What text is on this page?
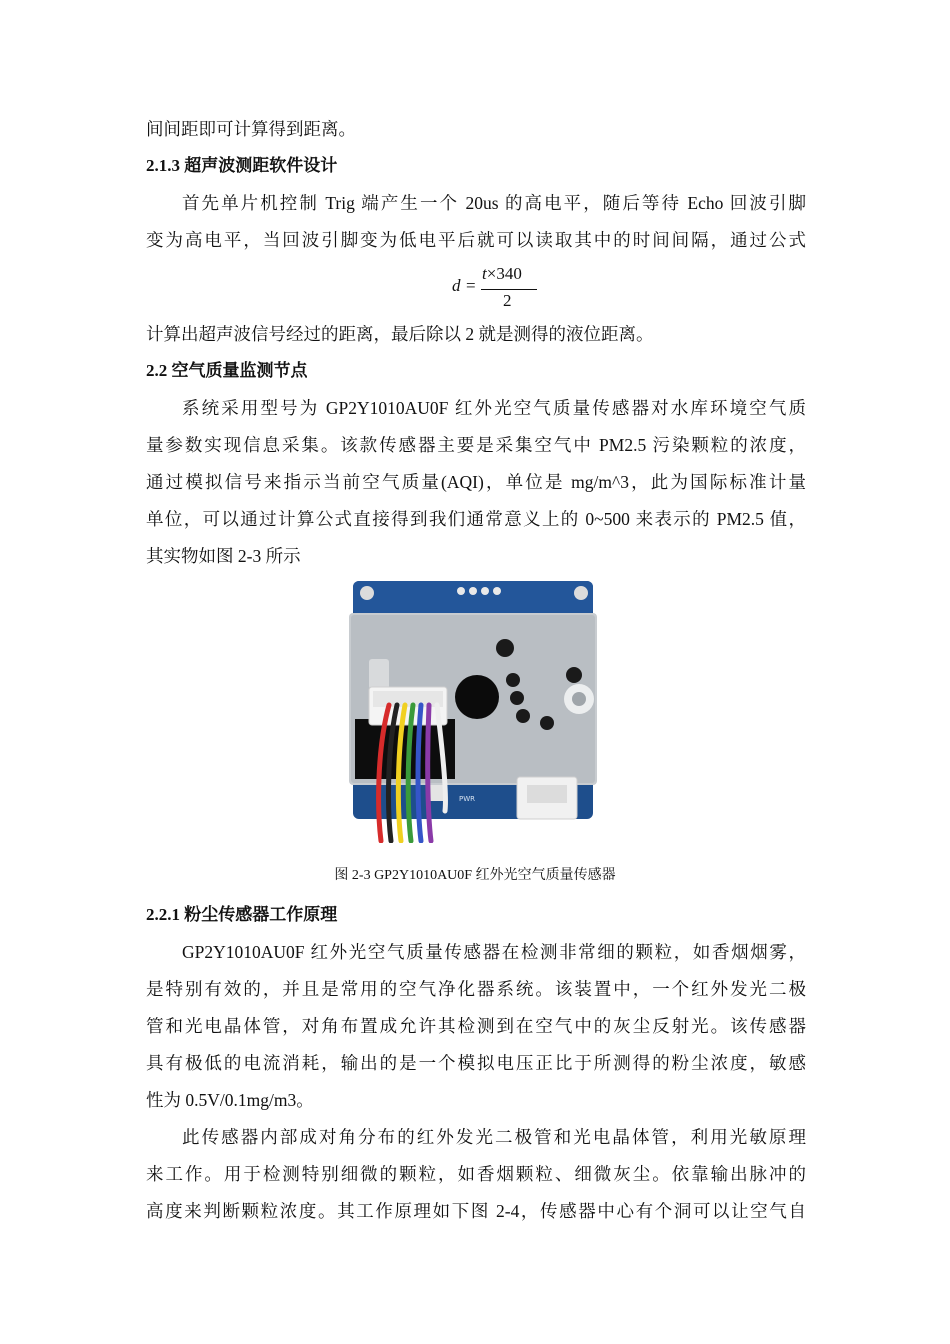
间间距即可计算得到距离。
2.1.3 超声波测距软件设计
首先单片机控制 Trig 端产生一个 20us 的高电平，随后等待 Echo 回波引脚
变为高电平，当回波引脚变为低电平后就可以读取其中的时间间隔，通过公式
d =
t×340
2
计算出超声波信号经过的距离，最后除以 2 就是测得的液位距离。
2.2 空气质量监测节点
系统采用型号为 GP2Y1010AU0F 红外光空气质量传感器对水库环境空气质
量参数实现信息采集。该款传感器主要是采集空气中 PM2.5 污染颗粒的浓度，
通过模拟信号来指示当前空气质量(AQI)，单位是 mg/m^3，此为国际标准计量
单位，可以通过计算公式直接得到我们通常意义上的 0~500 来表示的 PM2.5 值，
其实物如图 2-3 所示
PWR
图 2-3 GP2Y1010AU0F 红外光空气质量传感器
2.2.1 粉尘传感器工作原理
GP2Y1010AU0F 红外光空气质量传感器在检测非常细的颗粒，如香烟烟雾，
是特别有效的，并且是常用的空气净化器系统。该装置中，一个红外发光二极
管和光电晶体管，对角布置成允许其检测到在空气中的灰尘反射光。该传感器
具有极低的电流消耗，输出的是一个模拟电压正比于所测得的粉尘浓度，敏感
性为 0.5V/0.1mg/m3。
此传感器内部成对角分布的红外发光二极管和光电晶体管，利用光敏原理
来工作。用于检测特别细微的颗粒，如香烟颗粒、细微灰尘。依靠输出脉冲的
高度来判断颗粒浓度。其工作原理如下图 2-4，传感器中心有个洞可以让空气自
